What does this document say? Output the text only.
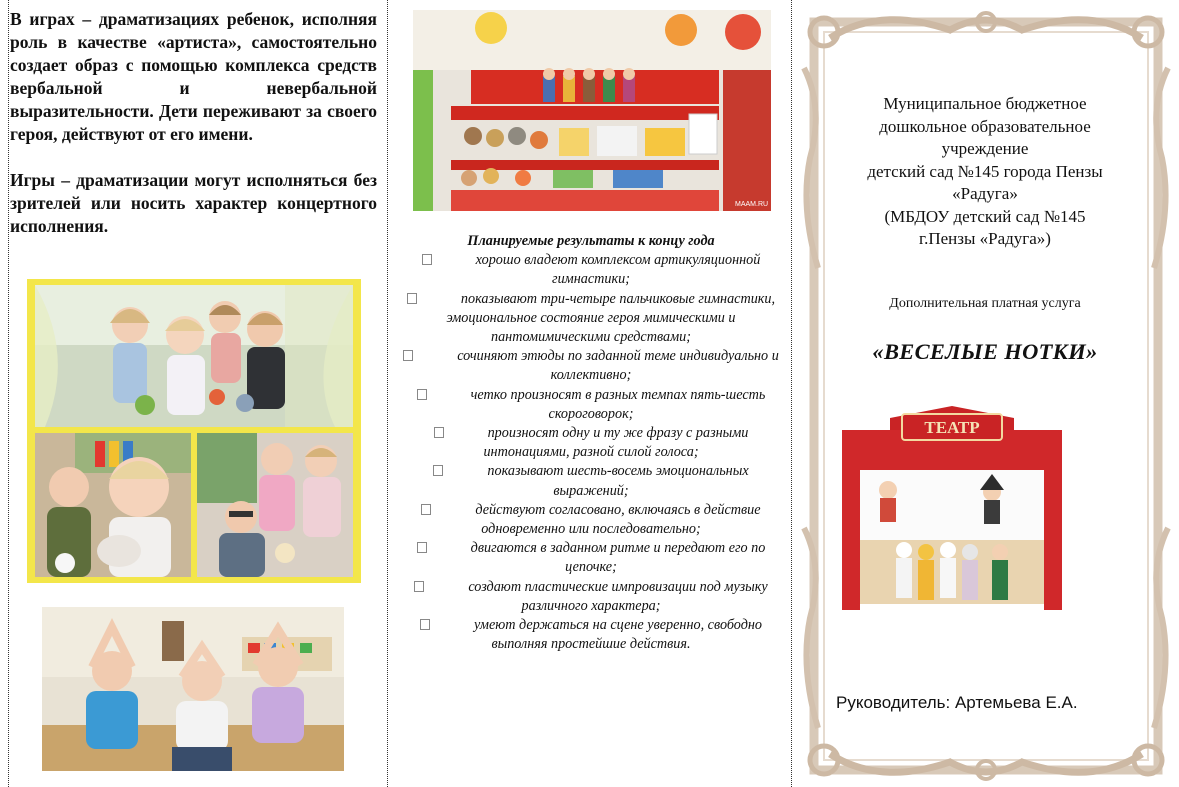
В играх – драматизациях ребенок, исполняя роль в качестве «артиста», самостоятельно создает образ с помощью комплекса средств вербальной и невербальной выразительности. Дети переживают за своего героя, действуют от его имени.

Игры – драматизации могут исполняться без зрителей или носить характер концертного исполнения.

MAAM.RU
Планируемые результаты к концу года
хорошо владеют комплексом артикуляционной гимнастики;
показывают три-четыре пальчиковые гимнастики, эмоциональное состояние героя мимическими и пантомимическими средствами;
сочиняют этюды по заданной теме индивидуально и коллективно;
четко произносят в разных темпах пять-шесть скороговорок;
произносят одну и ту же фразу с разными интонациями, разной силой голоса;
показывают шесть-восемь эмоциональных выражений;
действуют согласовано, включаясь в действие одновременно или последовательно;
двигаются в заданном ритме и передают его по цепочке;
создают пластические импровизации под музыку различного характера;
умеют держаться на сцене уверенно, свободно выполняя простейшие действия.
Муниципальное бюджетное
дошкольное образовательное
учреждение
детский сад №145 города Пензы
«Радуга»
(МБДОУ детский сад №145
г.Пензы «Радуга»)
Дополнительная платная услуга
«ВЕСЕЛЫЕ НОТКИ»
ТЕАТР
Руководитель: Артемьева Е.А.
